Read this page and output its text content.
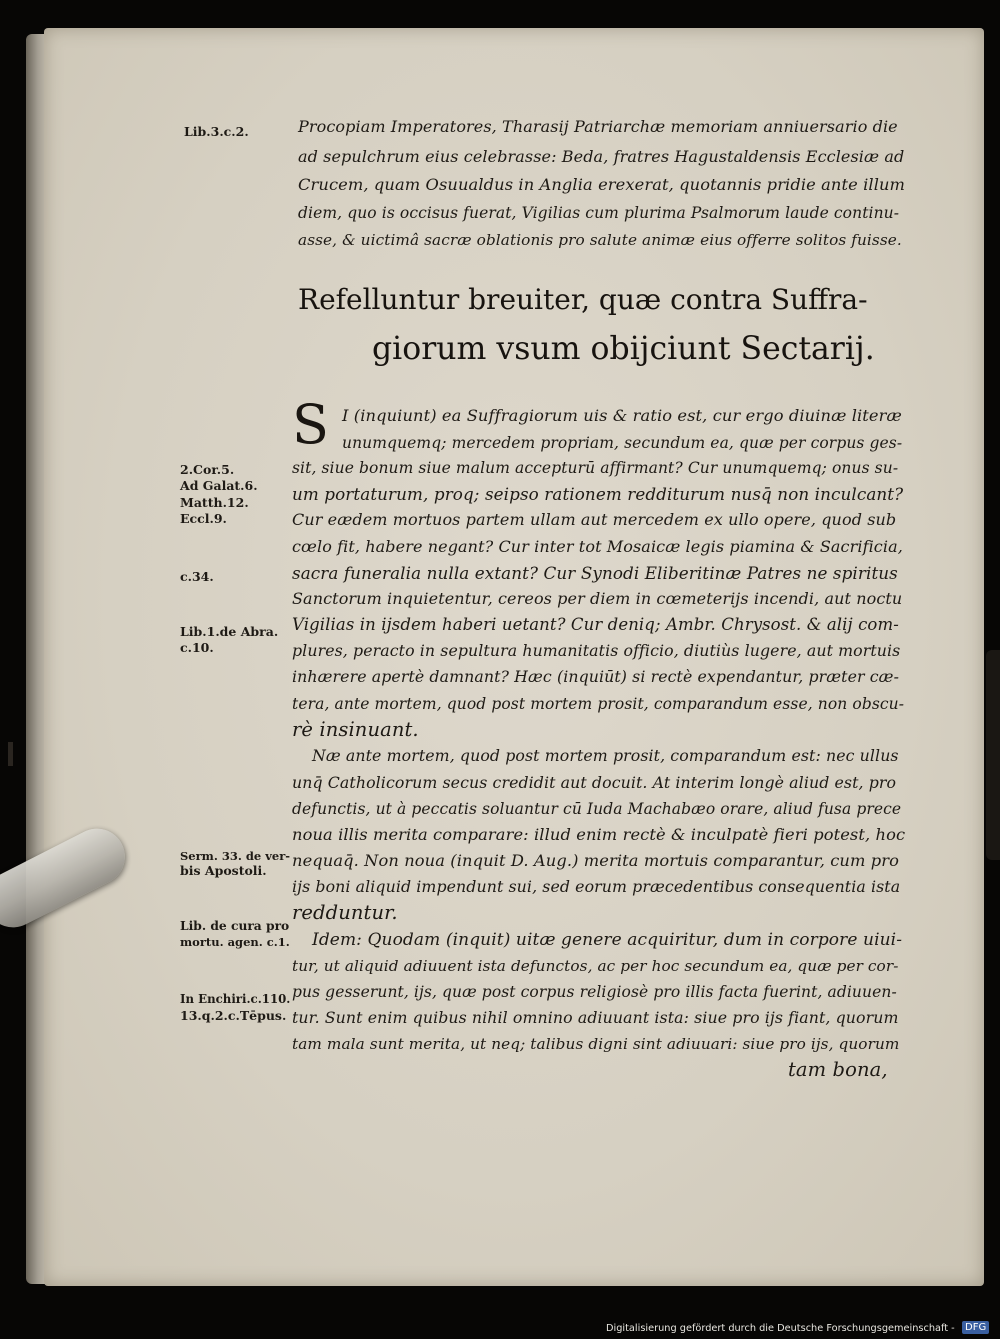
Procopiam Imperatores, Tharasij Patriarchæ memoriam anniuersario die

ad sepulchrum eius celebrasse: Beda, fratres Hagustaldensis Ecclesiæ ad

Crucem, quam Osuualdus in Anglia erexerat, quotannis pridie ante illum

diem, quo is occisus fuerat, Vigilias cum plurima Psalmorum laude continu-

asse, & uictimâ sacræ oblationis pro salute animæ eius offerre solitos fuisse.

Refelluntur breuiter, quæ contra Suffra-

giorum vsum obijciunt Sectarij.

S I (inquiunt) ea Suffragiorum uis & ratio est, cur ergo diuinæ literæ

unumquemq; mercedem propriam, secundum ea, quæ per corpus ges-

sit, siue bonum siue malum accepturū affirmant? Cur unumquemq; onus su-

um portaturum, proq; seipso rationem redditurum nusq̄ non inculcant?

Cur eædem mortuos partem ullam aut mercedem ex ullo opere, quod sub

cœlo fit, habere negant? Cur inter tot Mosaicæ legis piamina & Sacrificia,

sacra funeralia nulla extant? Cur Synodi Eliberitinæ Patres ne spiritus

Sanctorum inquietentur, cereos per diem in cœmeterijs incendi, aut noctu

Vigilias in ijsdem haberi uetant? Cur deniq; Ambr. Chrysost. & alij com-

plures, peracto in sepultura humanitatis officio, diutiùs lugere, aut mortuis

inhærere apertè damnant? Hæc (inquiūt) si rectè expendantur, præter cæ-

tera, ante mortem, quod post mortem prosit, comparandum esse, non obscu-

rè insinuant.

Næ ante mortem, quod post mortem prosit, comparandum est: nec ullus

unq̄ Catholicorum secus credidit aut docuit. At interim longè aliud est, pro

defunctis, ut à peccatis soluantur cū Iuda Machabæo orare, aliud fusa prece

noua illis merita comparare: illud enim rectè & inculpatè fieri potest, hoc

nequaq̄. Non noua (inquit D. Aug.) merita mortuis comparantur, cum pro

ijs boni aliquid impendunt sui, sed eorum præcedentibus consequentia ista

redduntur.

Idem: Quodam (inquit) uitæ genere acquiritur, dum in corpore uiui-

tur, ut aliquid adiuuent ista defunctos, ac per hoc secundum ea, quæ per cor-

pus gesserunt, ijs, quæ post corpus religiosè pro illis facta fuerint, adiuuen-

tur. Sunt enim quibus nihil omnino adiuuant ista: siue pro ijs fiant, quorum

tam mala sunt merita, ut neq; talibus digni sint adiuuari: siue pro ijs, quorum

tam bona,

Lib.3.c.2.

2.Cor.5.

Ad Galat.6.

Matth.12.

Eccl.9.

c.34.

Lib.1.de Abra.

c.10.

Serm. 33. de ver-

bis Apostoli.

Lib. de cura pro

mortu. agen. c.1.

In Enchiri.c.110.

13.q.2.c.Tēpus.

Digitalisierung gefördert durch die Deutsche Forschungsgemeinschaft -	DFG
